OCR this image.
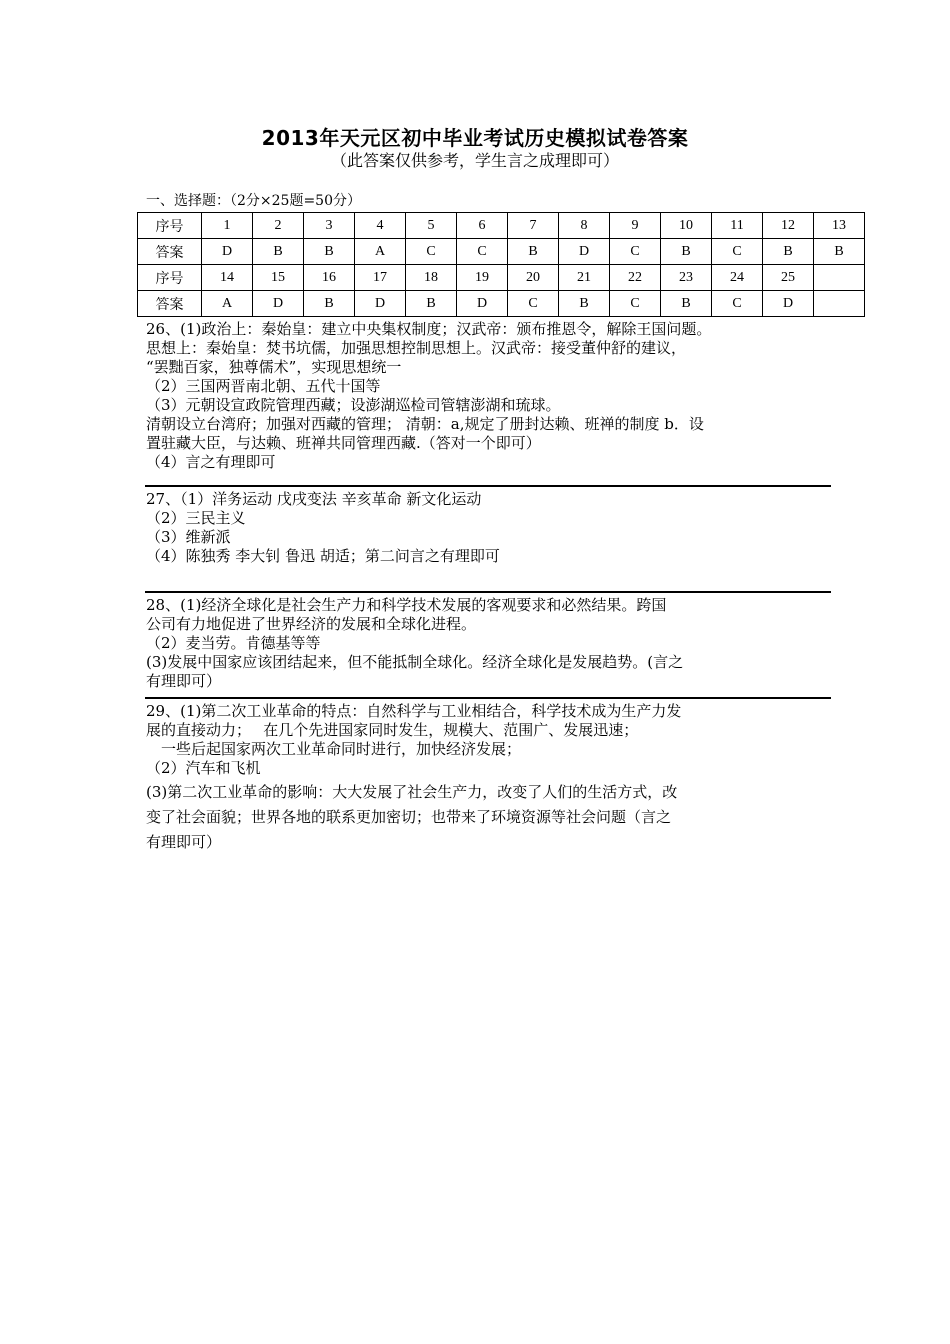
2013年天元区初中毕业考试历史模拟试卷答案
（此答案仅供参考，学生言之成理即可）
一、选择题：（2分×25题=50分）
序号	1	2	3	4	5	6	7	8	9	10	11	12	13
答案	D	B	B	A	C	C	B	D	C	B	C	B	B
序号	14	15	16	17	18	19	20	21	22	23	24	25	
答案	A	D	B	D	B	D	C	B	C	B	C	D	
26、(1)政治上：秦始皇：建立中央集权制度；汉武帝：颁布推恩令，解除王国问题。
思想上：秦始皇：焚书坑儒，加强思想控制思想上。汉武帝：接受董仲舒的建议，
“罢黜百家，独尊儒术”，实现思想统一
（2）三国两晋南北朝、五代十国等
（3）元朝设宣政院管理西藏；设澎湖巡检司管辖澎湖和琉球。
清朝设立台湾府；加强对西藏的管理； 清朝：a,规定了册封达赖、班禅的制度 b．设
置驻藏大臣，与达赖、班禅共同管理西藏.（答对一个即可）
（4）言之有理即可
27、（1）洋务运动 戊戌变法 辛亥革命 新文化运动
（2）三民主义
（3）维新派
（4）陈独秀 李大钊 鲁迅 胡适；第二问言之有理即可
28、(1)经济全球化是社会生产力和科学技术发展的客观要求和必然结果。跨国
公司有力地促进了世界经济的发展和全球化进程。
（2）麦当劳。肯德基等等
(3)发展中国家应该团结起来，但不能抵制全球化。经济全球化是发展趋势。(言之
有理即可）
29、(1)第二次工业革命的特点：自然科学与工业相结合，科学技术成为生产力发
展的直接动力；　 在几个先进国家同时发生，规模大、范围广、发展迅速；
　一些后起国家两次工业革命同时进行，加快经济发展；
（2）汽车和飞机
(3)第二次工业革命的影响：大大发展了社会生产力，改变了人们的生活方式，改
变了社会面貌；世界各地的联系更加密切；也带来了环境资源等社会问题（言之
有理即可）
